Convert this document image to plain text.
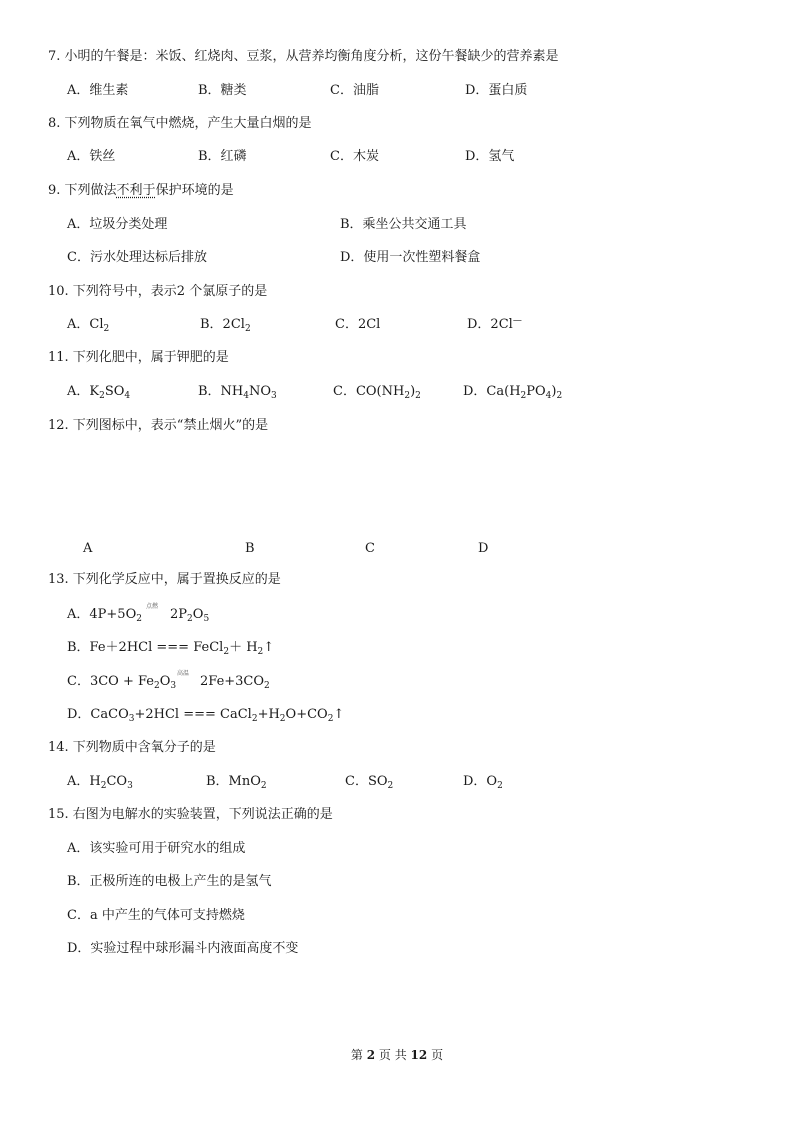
7. 小明的午餐是：米饭、红烧肉、豆浆，从营养均衡角度分析，这份午餐缺少的营养素是
A．维生素	B．糖类	C．油脂	D．蛋白质
8. 下列物质在氧气中燃烧，产生大量白烟的是
A．铁丝	B．红磷	C．木炭	D．氢气
9. 下列做法不利于保护环境的是
A．垃圾分类处理	B．乘坐公共交通工具
C．污水处理达标后排放	D．使用一次性塑料餐盒
10. 下列符号中，表示2 个氯原子的是
A．$Cl_2$	B．$2Cl_2$	C．2Cl	D．2Cl—
11. 下列化肥中，属于钾肥的是
A．$K_2SO_4$	B．$NH_4NO_3$	C．$CO(NH_2)_2$	D．$Ca(H_2PO_4)_2$
12. 下列图标中，表示“禁止烟火”的是
A	B	C	D
13. 下列化学反应中，属于置换反应的是
A．$4P+5O_2$
点燃
$2P_2O_5$
B．Fe＋2HCl === FeCl$_2$＋ $H_2↑$
C．$3CO + Fe_2O_3$
高温
$2Fe+3CO_2$
D．CaCO$_3$+2HCl === $CaCl_2+H_2O+CO_2↑$
14. 下列物质中含氧分子的是
A．$H_2CO_3$	B．MnO$_2$	C．$SO_2$	D．$O_2$
15. 右图为电解水的实验装置，下列说法正确的是
A．该实验可用于研究水的组成
B．正极所连的电极上产生的是氢气
C．a 中产生的气体可支持燃烧
D．实验过程中球形漏斗内液面高度不变
第 2 页 共 12 页
